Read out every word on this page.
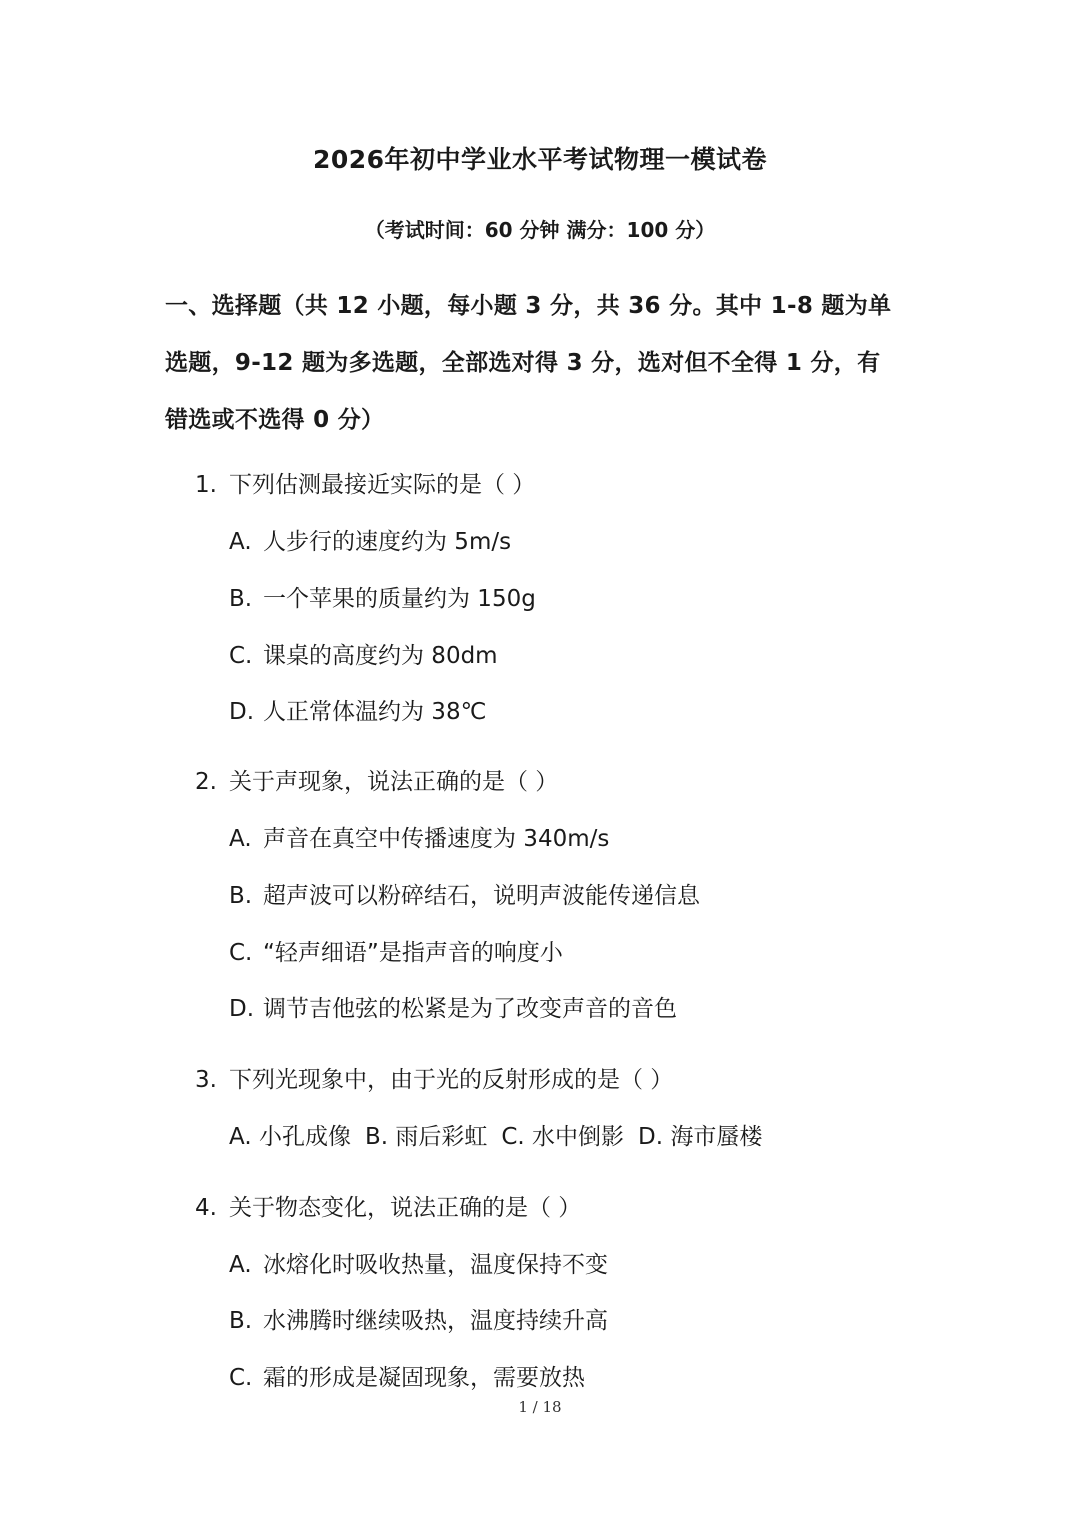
2026年初中学业水平考试物理一模试卷
（考试时间：60 分钟 满分：100 分）
一、选择题（共 12 小题，每小题 3 分，共 36 分。其中 1-8 题为单
选题，9-12 题为多选题，全部选对得 3 分，选对但不全得 1 分，有
错选或不选得 0 分）
1. 下列估测最接近实际的是（ ）
A. 人步行的速度约为 5m/s
B. 一个苹果的质量约为 150g
C. 课桌的高度约为 80dm
D. 人正常体温约为 38℃
2. 关于声现象，说法正确的是（ ）
A. 声音在真空中传播速度为 340m/s
B. 超声波可以粉碎结石，说明声波能传递信息
C. “轻声细语”是指声音的响度小
D. 调节吉他弦的松紧是为了改变声音的音色
3. 下列光现象中，由于光的反射形成的是（ ）
A. 小孔成像 B. 雨后彩虹 C. 水中倒影 D. 海市蜃楼
4. 关于物态变化，说法正确的是（ ）
A. 冰熔化时吸收热量，温度保持不变
B. 水沸腾时继续吸热，温度持续升高
C. 霜的形成是凝固现象，需要放热
1 / 18
